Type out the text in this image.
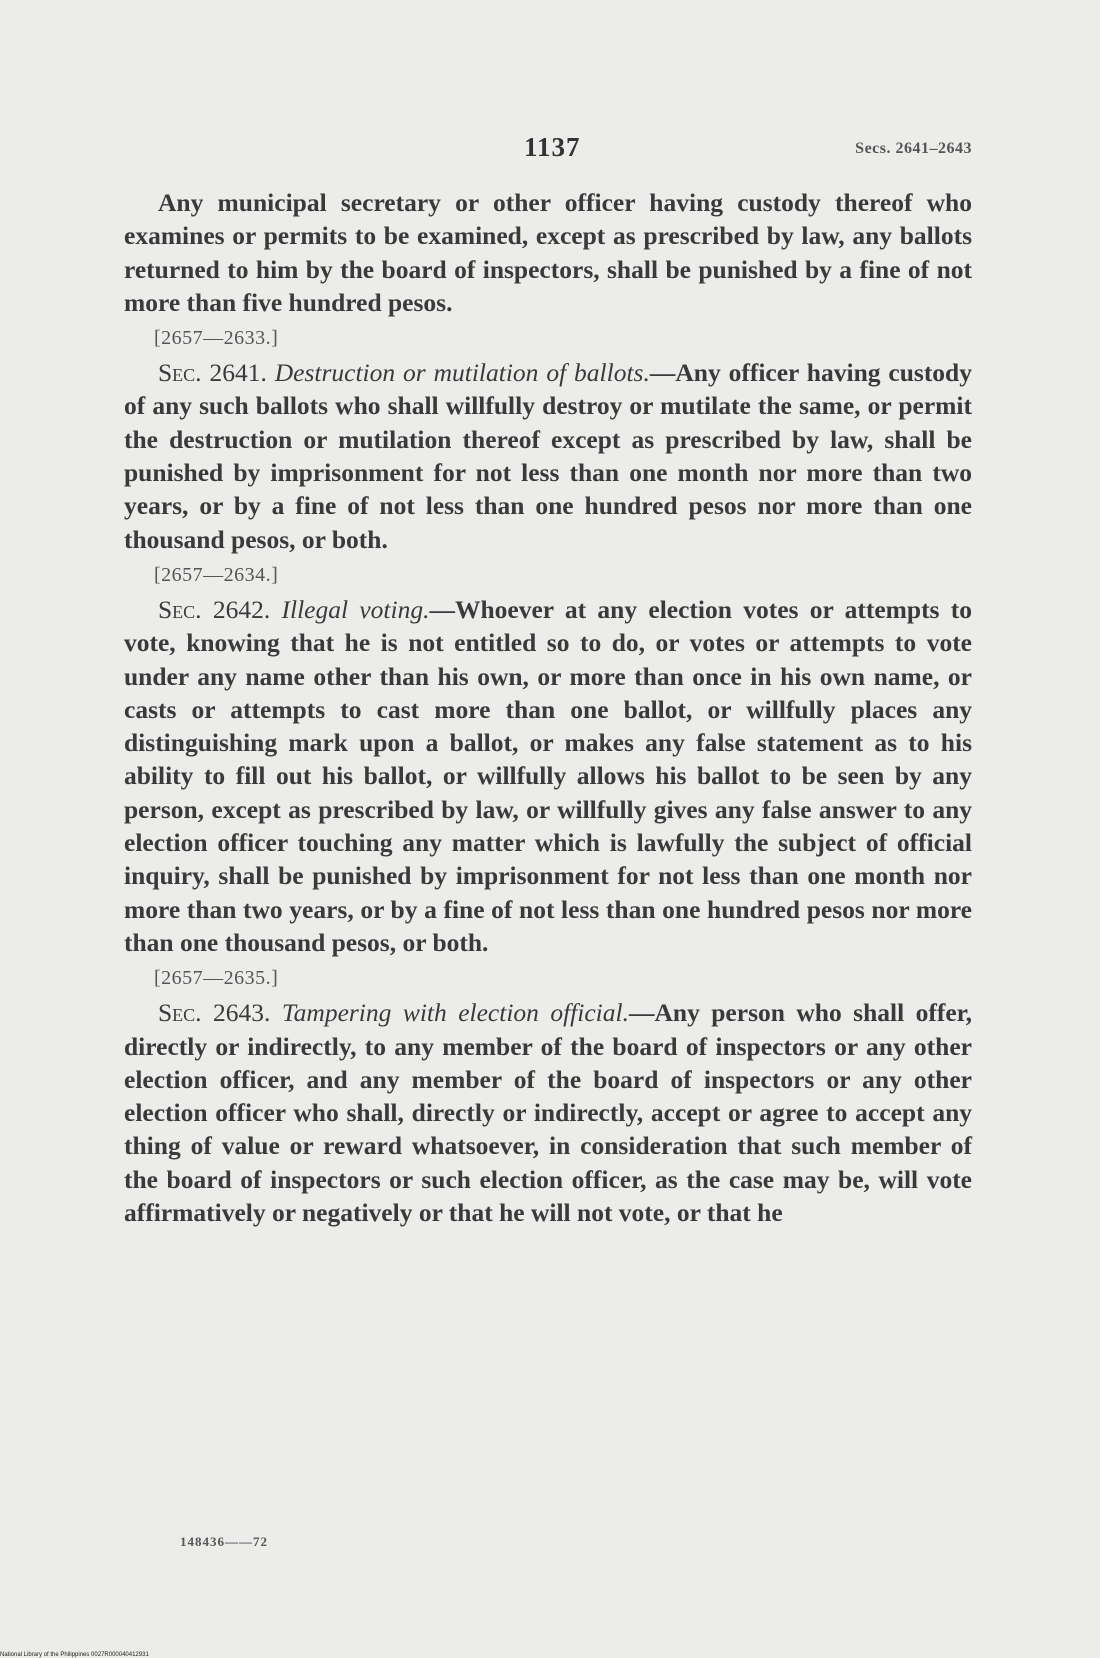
1137	Secs. 2641–2643

Any municipal secretary or other officer having custody thereof who examines or permits to be examined, except as prescribed by law, any ballots returned to him by the board of inspectors, shall be punished by a fine of not more than five hundred pesos.

[2657—2633.]

Sec. 2641. Destruction or mutilation of ballots.—Any officer having custody of any such ballots who shall willfully destroy or mutilate the same, or permit the destruction or mutilation thereof except as prescribed by law, shall be punished by imprisonment for not less than one month nor more than two years, or by a fine of not less than one hundred pesos nor more than one thousand pesos, or both.

[2657—2634.]

Sec. 2642. Illegal voting.—Whoever at any election votes or attempts to vote, knowing that he is not entitled so to do, or votes or attempts to vote under any name other than his own, or more than once in his own name, or casts or attempts to cast more than one ballot, or willfully places any distinguishing mark upon a ballot, or makes any false statement as to his ability to fill out his ballot, or willfully allows his ballot to be seen by any person, except as prescribed by law, or willfully gives any false answer to any election officer touching any matter which is lawfully the subject of official inquiry, shall be punished by imprisonment for not less than one month nor more than two years, or by a fine of not less than one hundred pesos nor more than one thousand pesos, or both.

[2657—2635.]

Sec. 2643. Tampering with election official.—Any person who shall offer, directly or indirectly, to any member of the board of inspectors or any other election officer, and any member of the board of inspectors or any other election officer who shall, directly or indirectly, accept or agree to accept any thing of value or reward whatsoever, in consideration that such member of the board of inspectors or such election officer, as the case may be, will vote affirmatively or negatively or that he will not vote, or that he

148436——72
National Library of the Philippines 0027R000040412931
